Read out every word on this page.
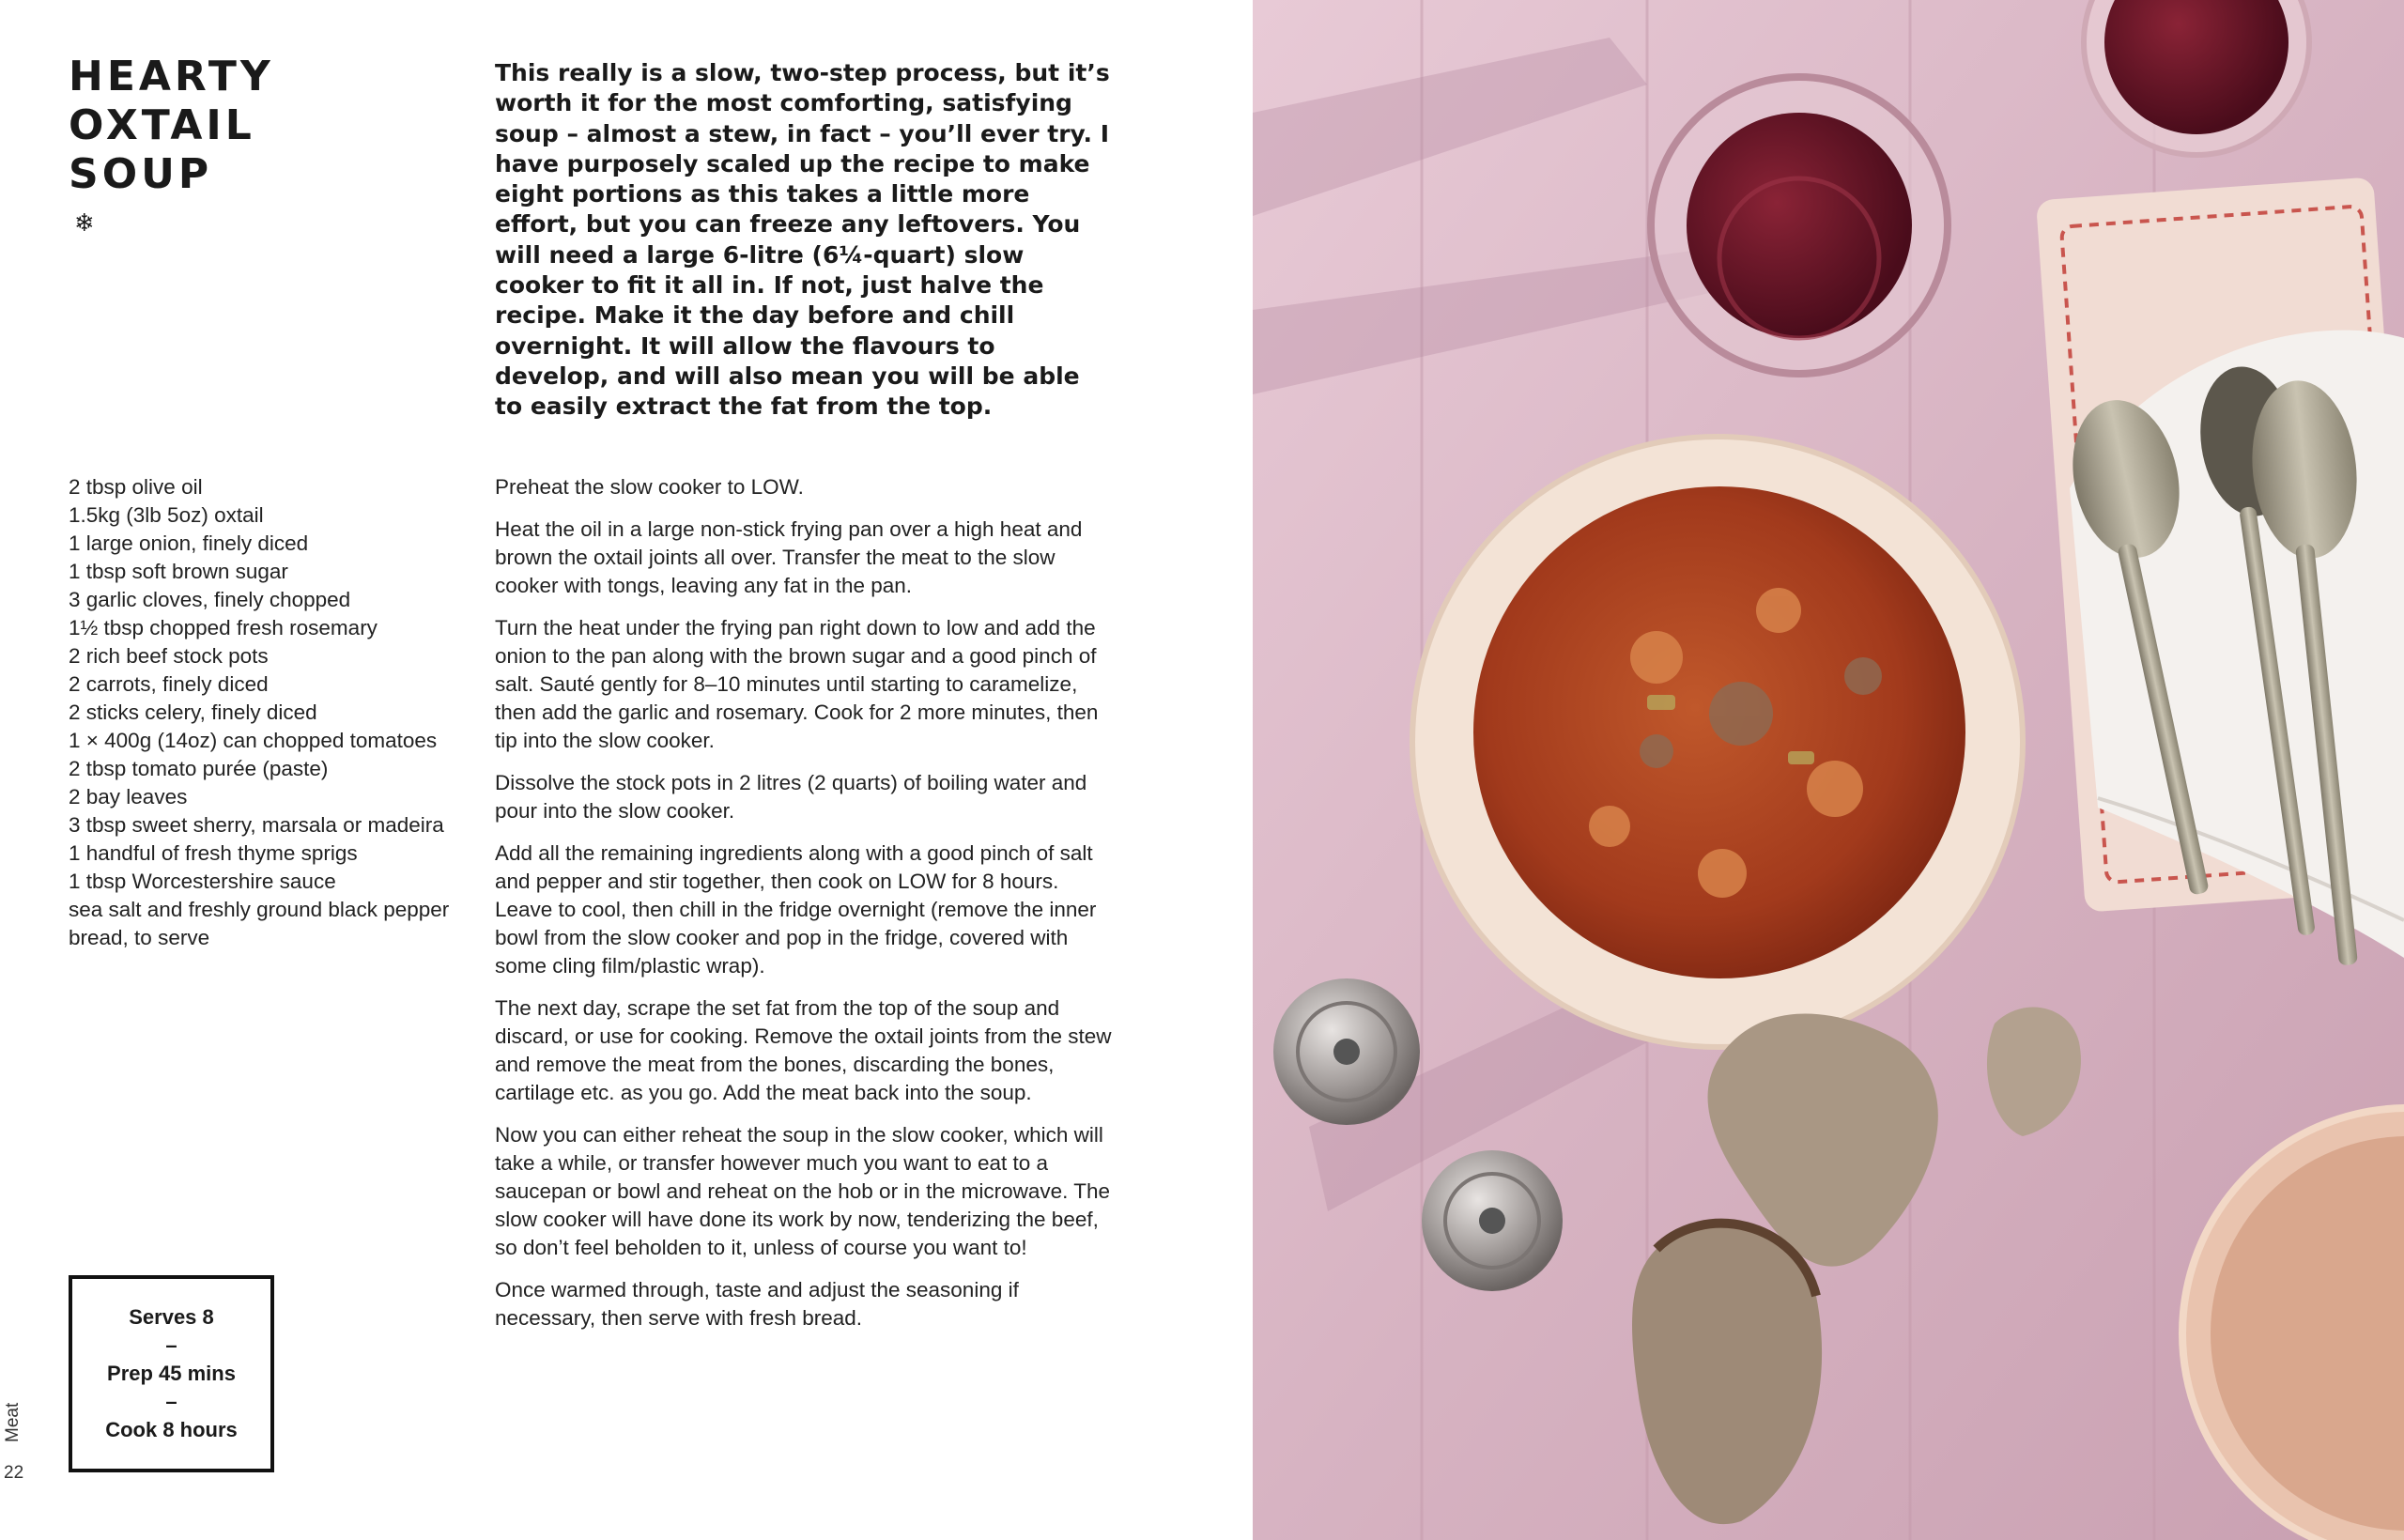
HEARTY
OXTAIL
SOUP
❄

This really is a slow, two-step process, but it’s worth it for the most comforting, satisfying soup – almost a stew, in fact – you’ll ever try. I have purposely scaled up the recipe to make eight portions as this takes a little more effort, but you can freeze any leftovers. You will need a large 6-litre (6¼-quart) slow cooker to fit it all in. If not, just halve the recipe. Make it the day before and chill overnight. It will allow the flavours to develop, and will also mean you will be able to easily extract the fat from the top.

2 tbsp olive oil
1.5kg (3lb 5oz) oxtail
1 large onion, finely diced
1 tbsp soft brown sugar
3 garlic cloves, finely chopped
1½ tbsp chopped fresh rosemary
2 rich beef stock pots
2 carrots, finely diced
2 sticks celery, finely diced
1 × 400g (14oz) can chopped tomatoes
2 tbsp tomato purée (paste)
2 bay leaves
3 tbsp sweet sherry, marsala or madeira
1 handful of fresh thyme sprigs
1 tbsp Worcestershire sauce
sea salt and freshly ground black pepper
bread, to serve

Preheat the slow cooker to LOW.

Heat the oil in a large non-stick frying pan over a high heat and brown the oxtail joints all over. Transfer the meat to the slow cooker with tongs, leaving any fat in the pan.

Turn the heat under the frying pan right down to low and add the onion to the pan along with the brown sugar and a good pinch of salt. Sauté gently for 8–10 minutes until starting to caramelize, then add the garlic and rosemary. Cook for 2 more minutes, then tip into the slow cooker.

Dissolve the stock pots in 2 litres (2 quarts) of boiling water and pour into the slow cooker.

Add all the remaining ingredients along with a good pinch of salt and pepper and stir together, then cook on LOW for 8 hours. Leave to cool, then chill in the fridge overnight (remove the inner bowl from the slow cooker and pop in the fridge, covered with some cling film/plastic wrap).

The next day, scrape the set fat from the top of the soup and discard, or use for cooking. Remove the oxtail joints from the stew and remove the meat from the bones, discarding the bones, cartilage etc. as you go. Add the meat back into the soup.

Now you can either reheat the soup in the slow cooker, which will take a while, or transfer however much you want to eat to a saucepan or bowl and reheat on the hob or in the microwave. The slow cooker will have done its work by now, tenderizing the beef, so don’t feel beholden to it, unless of course you want to!

Once warmed through, taste and adjust the seasoning if necessary, then serve with fresh bread.

Serves 8
–
Prep 45 mins
–
Cook 8 hours
Meat
22
